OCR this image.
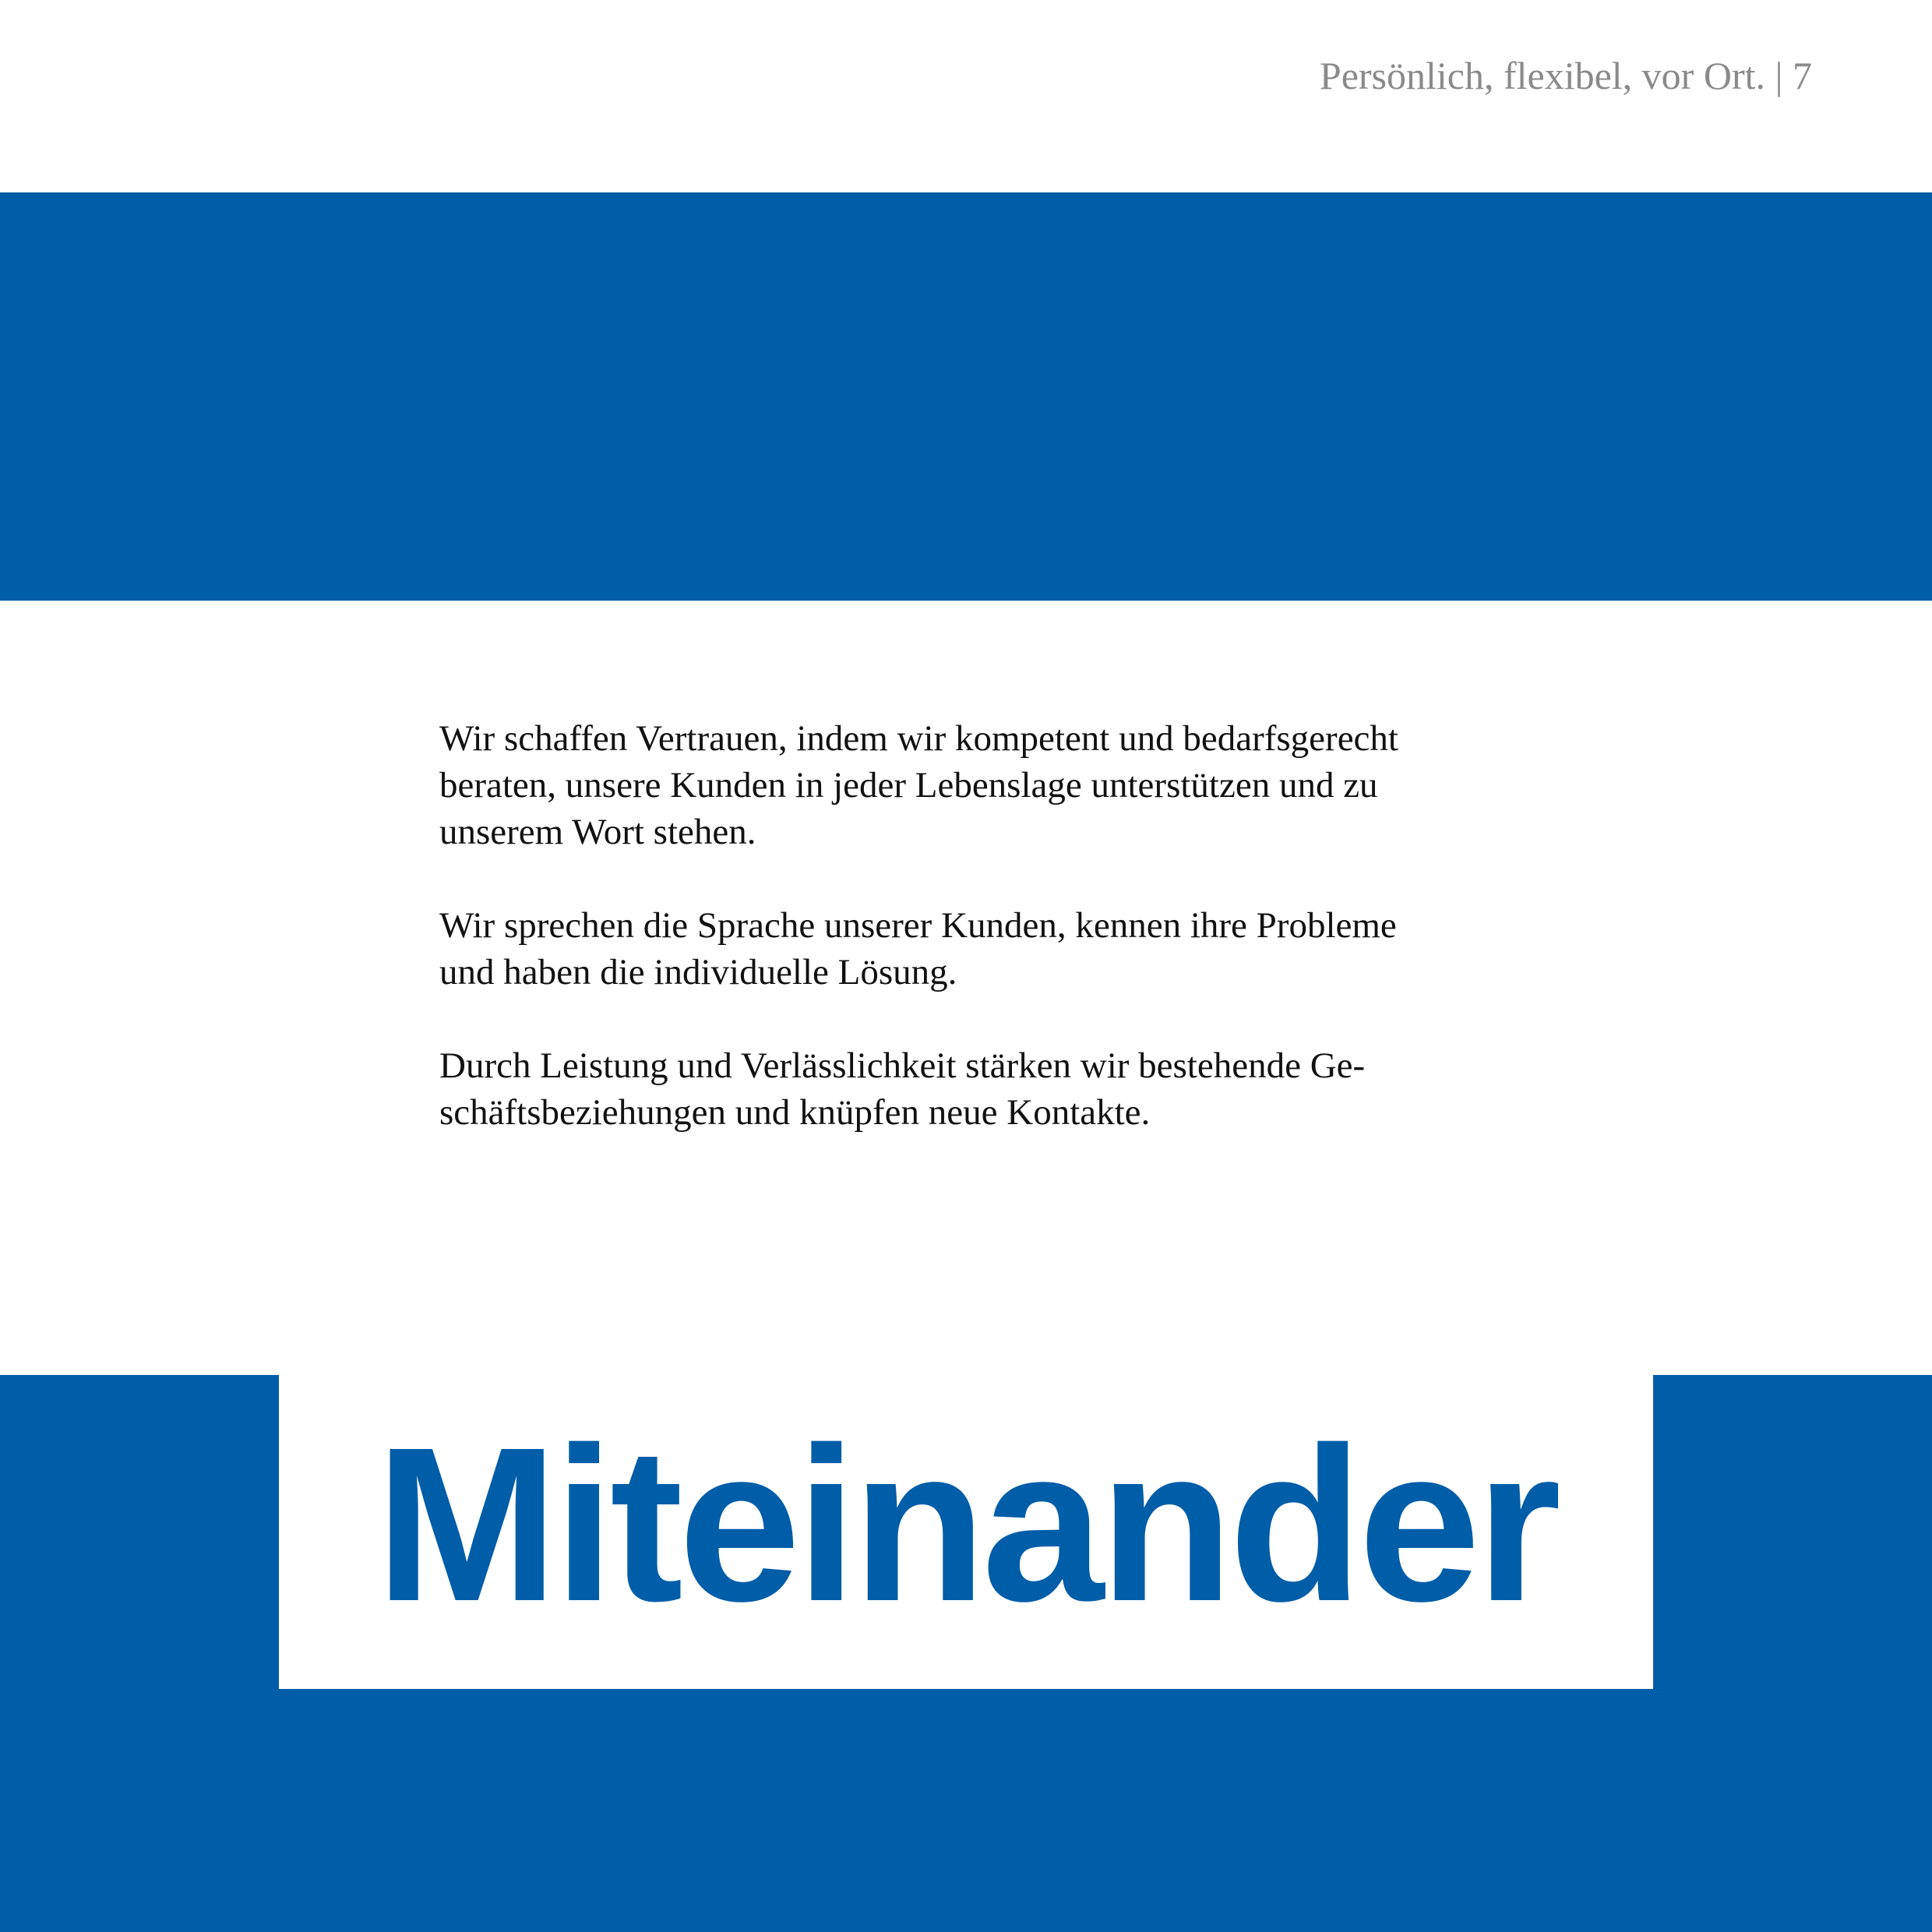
Persönlich, flexibel, vor Ort. | 7

Wir schaffen Vertrauen, indem wir kompetent und bedarfsgerecht
beraten, unsere Kunden in jeder Lebenslage unterstützen und zu
unserem Wort stehen.

Wir sprechen die Sprache unserer Kunden, kennen ihre Probleme
und haben die individuelle Lösung.

Durch Leistung und Verlässlichkeit stärken wir bestehende Ge-
schäftsbeziehungen und knüpfen neue Kontakte.

Miteinander
